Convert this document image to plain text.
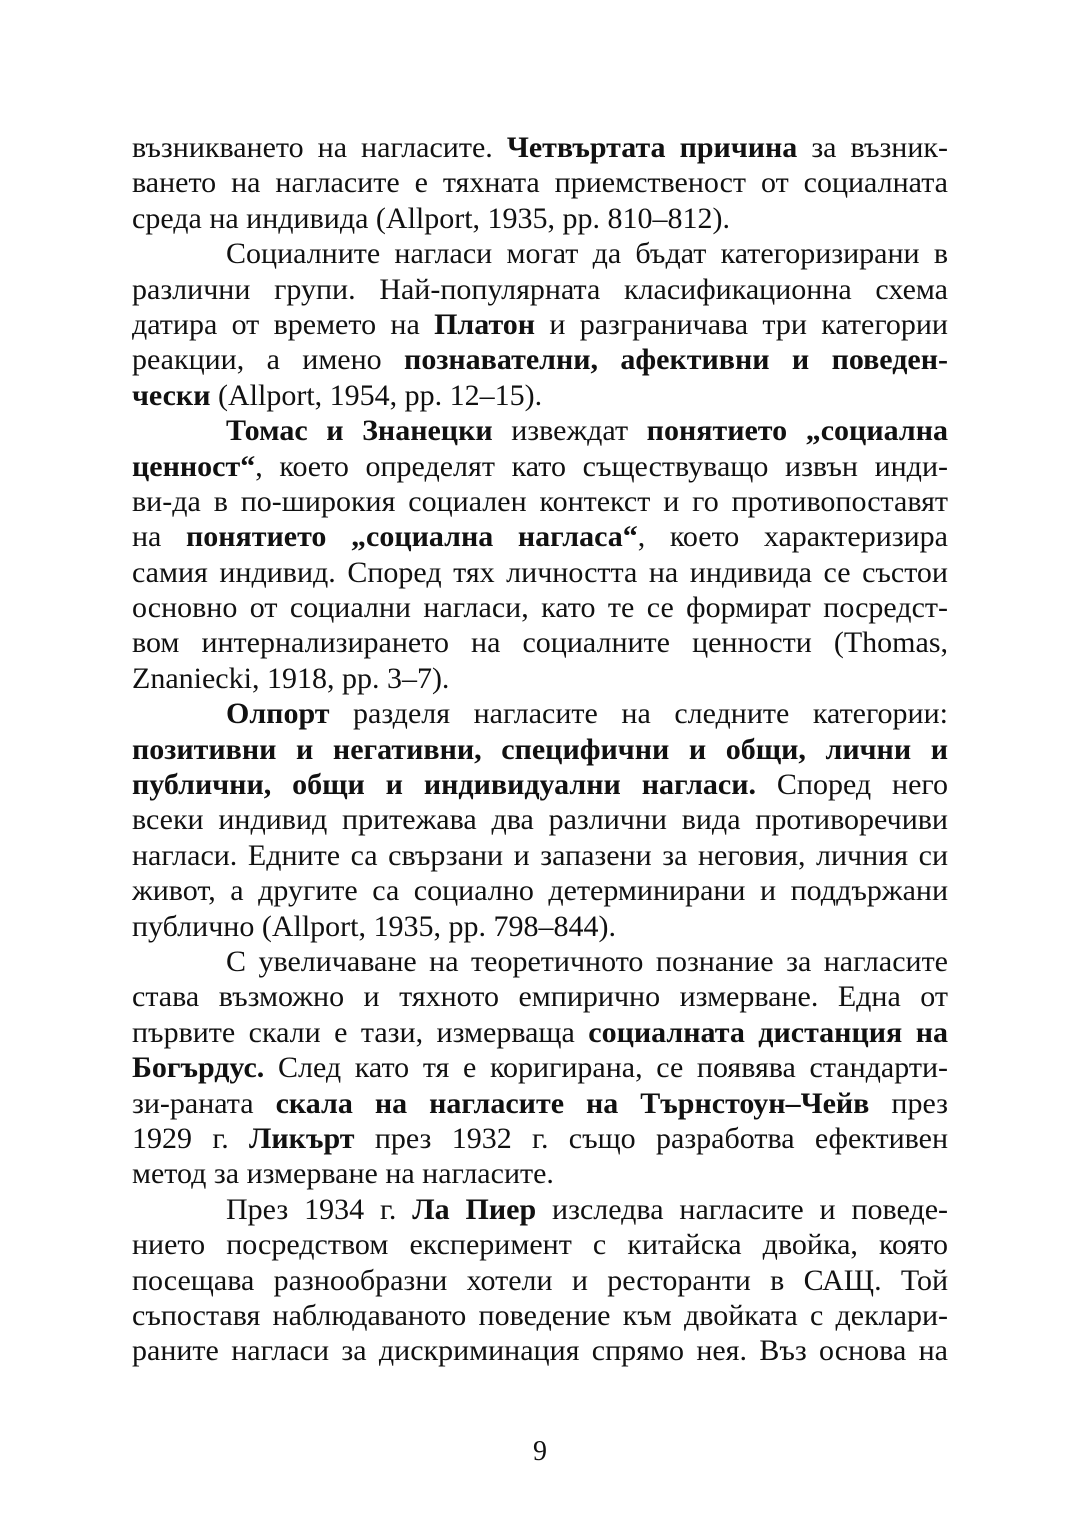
възникването на нагласите. Четвъртата причина за възник-
ването на нагласите е тяхната приемственост от социалната
среда на индивида (Allport, 1935, pp. 810–812).
Социалните нагласи могат да бъдат категоризирани в
различни групи. Най-популярната класификационна схема
датира от времето на Платон и разграничава три категории
реакции, а именo познавателни, афективни и поведен-
чески (Allport, 1954, pp. 12–15).
Томас и Знанецки извеждат понятието „социална
ценност“, което определят като съществуващо извън инди-
ви-да в по-широкия социален контекст и го противопоставят
на понятието „социална нагласа“, което характеризира
самия индивид. Според тях личността на индивида се състои
основно от социални нагласи, като те се формират посредст-
вом интернализирането на социалните ценности (Thomas,
Znaniecki, 1918, pp. 3–7).
Олпорт разделя нагласите на следните категории:
позитивни и негативни, специфични и общи, лични и
публични, общи и индивидуални нагласи. Според него
всеки индивид притежава два различни вида противоречиви
нагласи. Едните са свързани и запазени за неговия, личния си
живот, а другите са социално детерминирани и поддържани
публично (Allport, 1935, pp. 798–844).
С увеличаване на теоретичното познание за нагласите
става възможно и тяхното емпирично измерване. Една от
първите скали е тази, измерваща социалната дистанция на
Богърдус. След като тя е коригирана, се появява стандарти-
зи-раната скала на нагласите на Търнстоун–Чейв през
1929 г. Ликърт през 1932 г. също разработва ефективен
метод за измерване на нагласите.
През 1934 г. Ла Пиер изследва нагласите и поведе-
нието посредством експеримент с китайска двойка, която
посещава разнообразни хотели и ресторанти в САЩ. Той
съпоставя наблюдаваното поведение към двойката с деклари-
раните нагласи за дискриминация спрямо нея. Въз основа на
9
